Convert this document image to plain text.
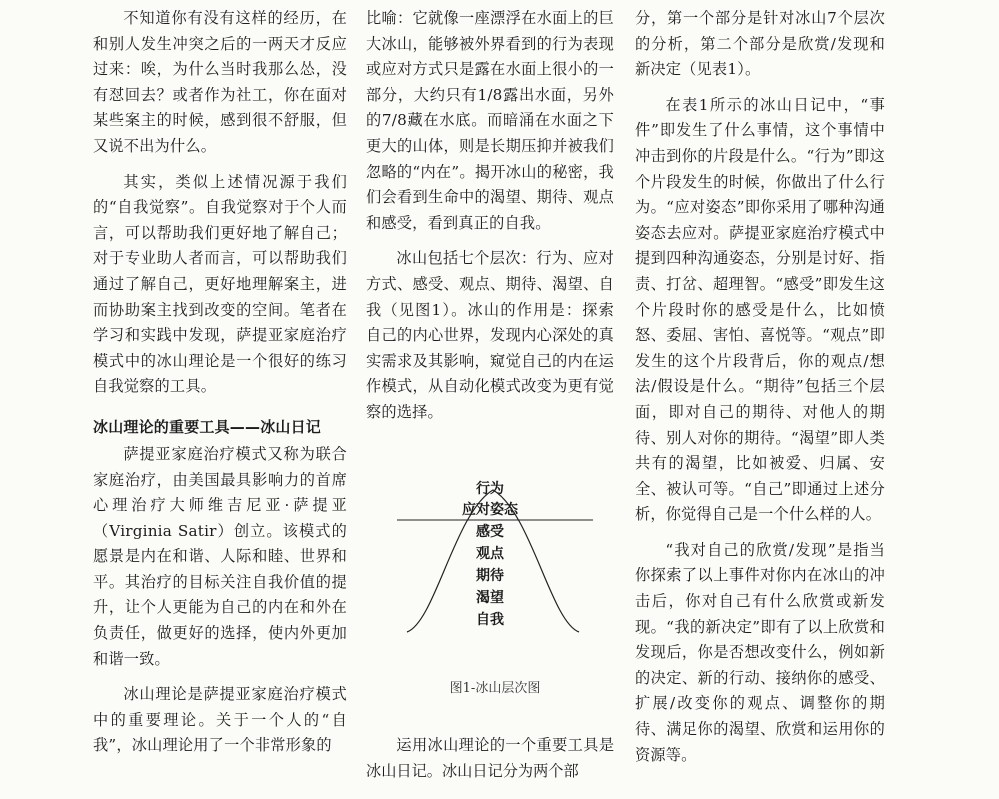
不知道你有没有这样的经历，在和别人发生冲突之后的一两天才反应过来：唉，为什么当时我那么怂，没有怼回去？或者作为社工，你在面对某些案主的时候，感到很不舒服，但又说不出为什么。

其实，类似上述情况源于我们的“自我觉察”。自我觉察对于个人而言，可以帮助我们更好地了解自己；对于专业助人者而言，可以帮助我们通过了解自己，更好地理解案主，进而协助案主找到改变的空间。笔者在学习和实践中发现，萨提亚家庭治疗模式中的冰山理论是一个很好的练习自我觉察的工具。

冰山理论的重要工具——冰山日记

萨提亚家庭治疗模式又称为联合家庭治疗，由美国最具影响力的首席心理治疗大师维吉尼亚·萨提亚（Virginia Satir）创立。该模式的愿景是内在和谐、人际和睦、世界和平。其治疗的目标关注自我价值的提升，让个人更能为自己的内在和外在负责任，做更好的选择，使内外更加和谐一致。

冰山理论是萨提亚家庭治疗模式中的重要理论。关于一个人的“自我”，冰山理论用了一个非常形象的

比喻：它就像一座漂浮在水面上的巨大冰山，能够被外界看到的行为表现或应对方式只是露在水面上很小的一部分，大约只有1/8露出水面，另外的7/8藏在水底。而暗涌在水面之下更大的山体，则是长期压抑并被我们忽略的“内在”。揭开冰山的秘密，我们会看到生命中的渴望、期待、观点和感受，看到真正的自我。

冰山包括七个层次：行为、应对方式、感受、观点、期待、渴望、自我（见图1）。冰山的作用是：探索自己的内心世界，发现内心深处的真实需求及其影响，窥觉自己的内在运作模式，从自动化模式改变为更有觉察的选择。

行为
应对姿态
感受
观点
期待
渴望
自我
图1-冰山层次图

运用冰山理论的一个重要工具是冰山日记。冰山日记分为两个部

分，第一个部分是针对冰山7个层次的分析，第二个部分是欣赏/发现和新决定（见表1）。

在表1所示的冰山日记中，“事件”即发生了什么事情，这个事情中冲击到你的片段是什么。“行为”即这个片段发生的时候，你做出了什么行为。“应对姿态”即你采用了哪种沟通姿态去应对。萨提亚家庭治疗模式中提到四种沟通姿态，分别是讨好、指责、打岔、超理智。“感受”即发生这个片段时你的感受是什么，比如愤怒、委屈、害怕、喜悦等。“观点”即发生的这个片段背后，你的观点/想法/假设是什么。“期待”包括三个层面，即对自己的期待、对他人的期待、别人对你的期待。“渴望”即人类共有的渴望，比如被爱、归属、安全、被认可等。“自己”即通过上述分析，你觉得自己是一个什么样的人。

“我对自己的欣赏/发现”是指当你探索了以上事件对你内在冰山的冲击后，你对自己有什么欣赏或新发现。“我的新决定”即有了以上欣赏和发现后，你是否想改变什么，例如新的决定、新的行动、接纳你的感受、扩展/改变你的观点、调整你的期待、满足你的渴望、欣赏和运用你的资源等。
